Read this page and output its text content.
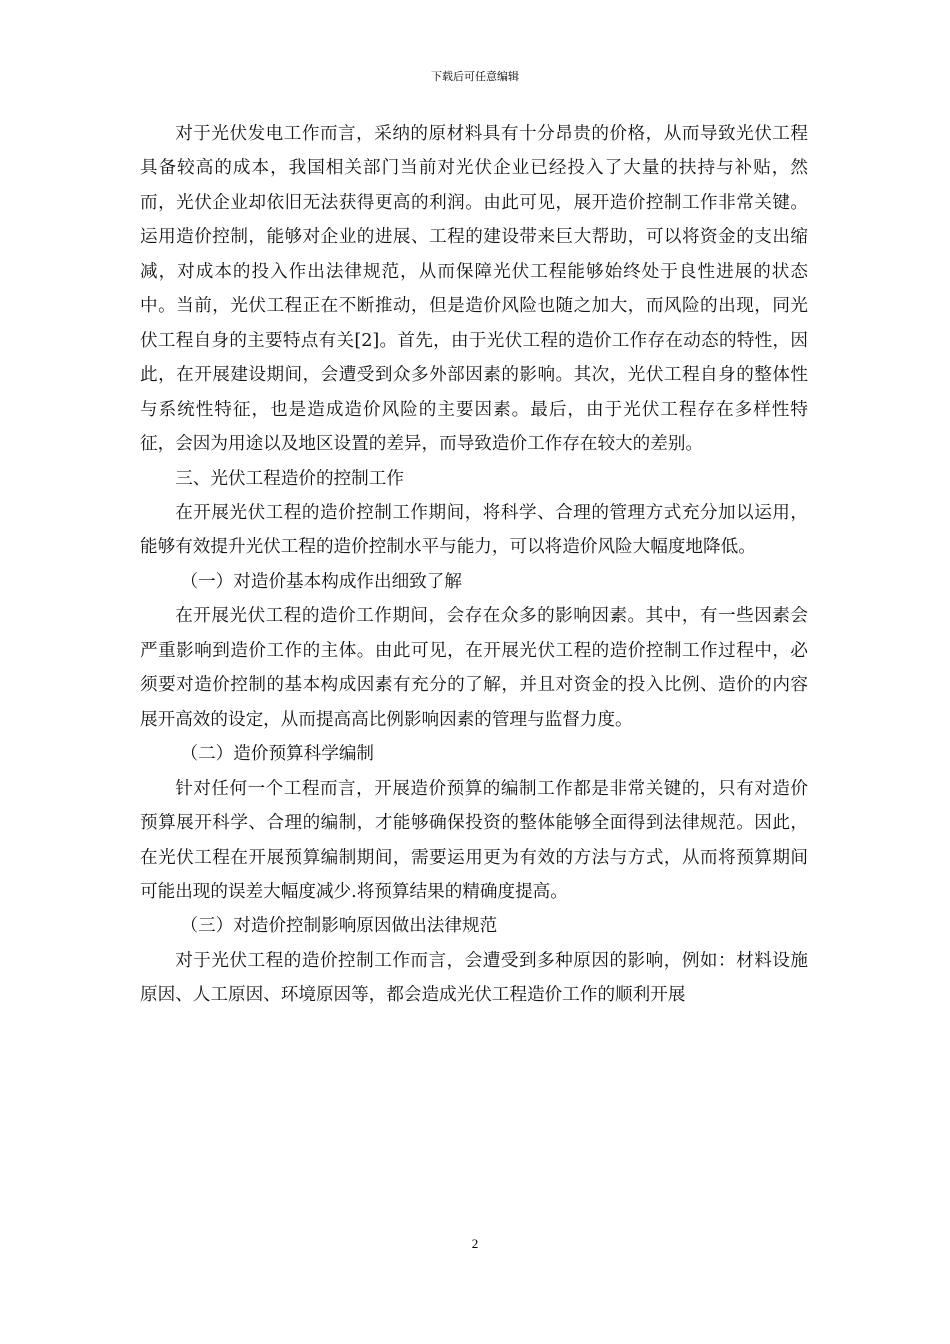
下载后可任意编辑

对于光伏发电工作而言，采纳的原材料具有十分昂贵的价格，从而导致光伏工程具备较高的成本，我国相关部门当前对光伏企业已经投入了大量的扶持与补贴，然而，光伏企业却依旧无法获得更高的利润。由此可见，展开造价控制工作非常关键。运用造价控制，能够对企业的进展、工程的建设带来巨大帮助，可以将资金的支出缩减，对成本的投入作出法律规范，从而保障光伏工程能够始终处于良性进展的状态中。当前，光伏工程正在不断推动，但是造价风险也随之加大，而风险的出现，同光伏工程自身的主要特点有关[2]。首先，由于光伏工程的造价工作存在动态的特性，因此，在开展建设期间，会遭受到众多外部因素的影响。其次，光伏工程自身的整体性与系统性特征，也是造成造价风险的主要因素。最后，由于光伏工程存在多样性特征，会因为用途以及地区设置的差异，而导致造价工作存在较大的差别。

三、光伏工程造价的控制工作

在开展光伏工程的造价控制工作期间，将科学、合理的管理方式充分加以运用，能够有效提升光伏工程的造价控制水平与能力，可以将造价风险大幅度地降低。

（一）对造价基本构成作出细致了解

在开展光伏工程的造价工作期间，会存在众多的影响因素。其中，有一些因素会严重影响到造价工作的主体。由此可见，在开展光伏工程的造价控制工作过程中，必须要对造价控制的基本构成因素有充分的了解，并且对资金的投入比例、造价的内容展开高效的设定，从而提高高比例影响因素的管理与监督力度。

（二）造价预算科学编制

针对任何一个工程而言，开展造价预算的编制工作都是非常关键的，只有对造价预算展开科学、合理的编制，才能够确保投资的整体能够全面得到法律规范。因此，在光伏工程在开展预算编制期间，需要运用更为有效的方法与方式，从而将预算期间可能出现的误差大幅度减少.将预算结果的精确度提高。

（三）对造价控制影响原因做出法律规范

对于光伏工程的造价控制工作而言，会遭受到多种原因的影响，例如：材料设施原因、人工原因、环境原因等，都会造成光伏工程造价工作的顺利开展

2
